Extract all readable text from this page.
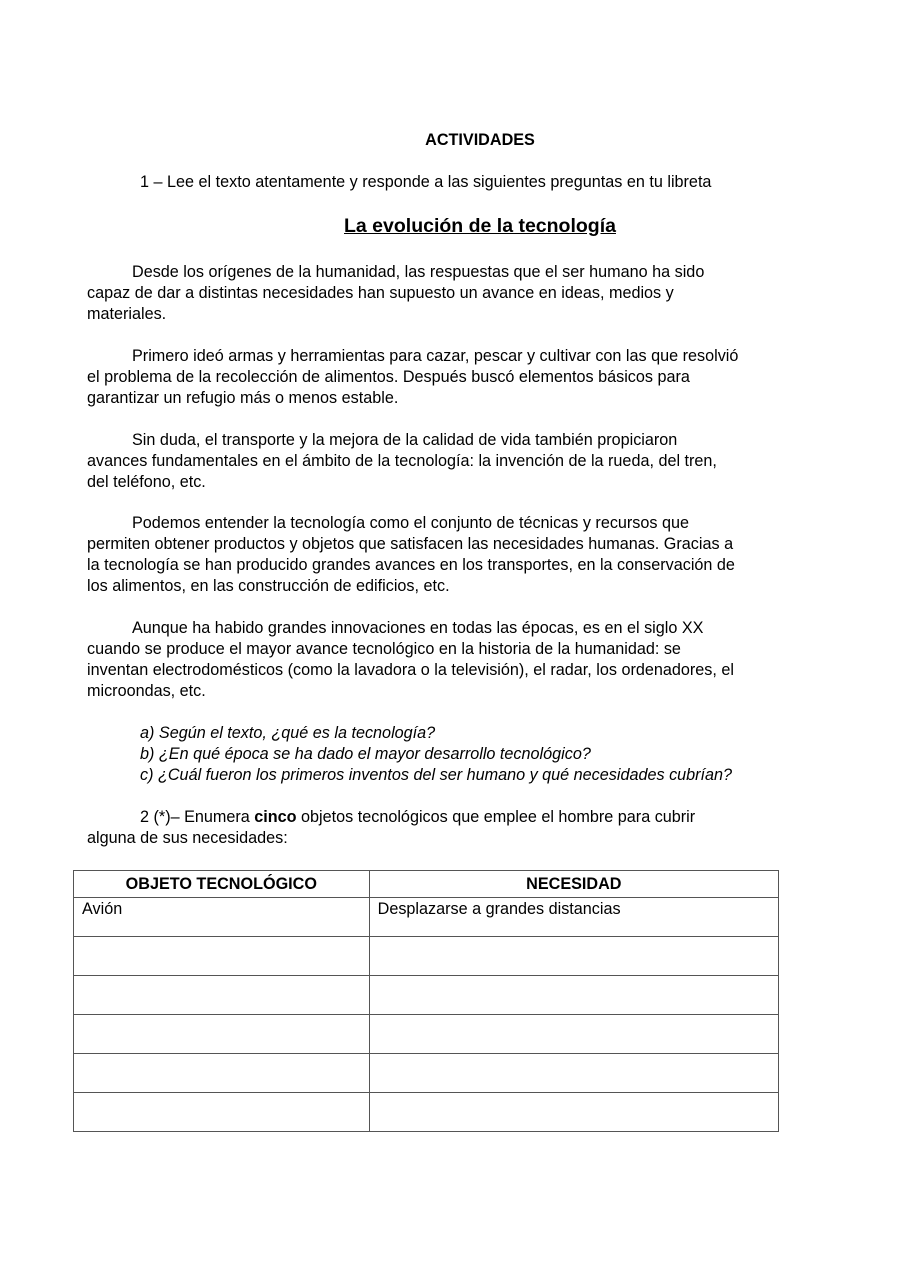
ACTIVIDADES
1 – Lee el texto atentamente y responde a las siguientes preguntas en tu libreta
La evolución de la tecnología
Desde los orígenes de la humanidad, las respuestas que el ser humano ha sido
capaz de dar a distintas necesidades han supuesto un avance en ideas, medios y
materiales.
Primero ideó armas y herramientas para cazar, pescar y cultivar con las que resolvió
el problema de la recolección de alimentos. Después buscó elementos básicos para
garantizar un refugio más o menos estable.
Sin duda, el transporte y la mejora de la calidad de vida también propiciaron
avances fundamentales en el ámbito de la tecnología: la invención de la rueda, del tren,
del teléfono, etc.
Podemos entender la tecnología como el conjunto de técnicas y recursos que
permiten obtener productos y objetos que satisfacen las necesidades humanas. Gracias a
la tecnología se han producido grandes avances en los transportes, en la conservación de
los alimentos, en las construcción de edificios, etc.
Aunque ha habido grandes innovaciones en todas las épocas, es en el siglo XX
cuando se produce el mayor avance tecnológico en la historia de la humanidad: se
inventan electrodomésticos (como la lavadora o la televisión), el radar, los ordenadores, el
microondas, etc.
a) Según el texto, ¿qué es la tecnología?
b) ¿En qué época se ha dado el mayor desarrollo tecnológico?
c) ¿Cuál fueron los primeros inventos del ser humano y qué necesidades cubrían?
2 (*)– Enumera cinco objetos tecnológicos que emplee el hombre para cubrir
alguna de sus necesidades:
OBJETO TECNOLÓGICO	NECESIDAD
Avión	Desplazarse a grandes distancias
